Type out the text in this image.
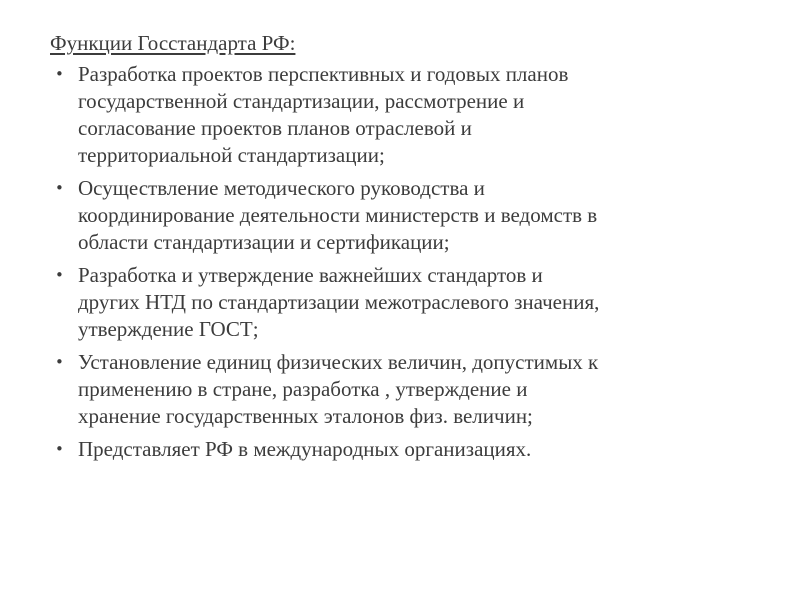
Функции Госстандарта РФ:
• Разработка проектов перспективных и годовых планов
государственной стандартизации, рассмотрение и
согласование проектов планов отраслевой и
территориальной стандартизации;
• Осуществление методического руководства и
координирование деятельности министерств и ведомств в
области стандартизации и сертификации;
• Разработка и утверждение важнейших стандартов и
других НТД по стандартизации межотраслевого значения,
утверждение ГОСТ;
• Установление единиц физических величин, допустимых к
применению в стране, разработка , утверждение и
хранение государственных эталонов физ. величин;
• Представляет РФ в международных организациях.
